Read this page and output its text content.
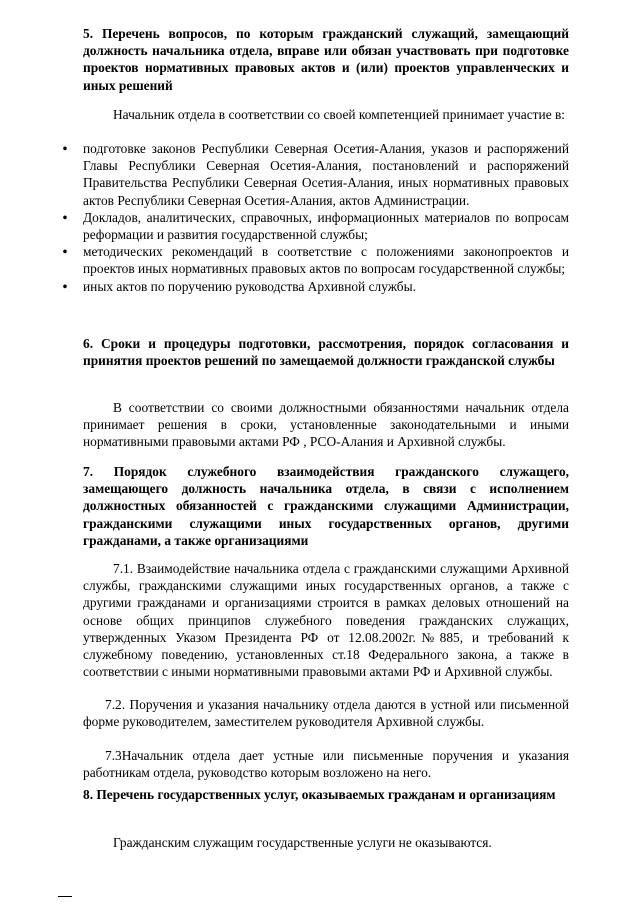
5. Перечень вопросов, по которым гражданский служащий, замещающий должность начальника отдела, вправе или обязан участвовать при подготовке проектов нормативных правовых актов и (или) проектов управленческих и иных решений
Начальник отдела в соответствии со своей компетенцией принимает участие в:
•	подготовке законов Республики Северная Осетия-Алания, указов и распоряжений Главы Республики Северная Осетия-Алания, постановлений и распоряжений Правительства Республики Северная Осетия-Алания, иных нормативных правовых актов Республики Северная Осетия-Алания, актов Администрации.
•	Докладов, аналитических, справочных, информационных материалов по вопросам реформации и развития государственной службы;
•	методических рекомендаций в соответствие с положениями законопроектов и проектов иных нормативных правовых актов по вопросам государственной службы;
•	иных актов по поручению руководства Архивной службы.
6. Сроки и процедуры подготовки, рассмотрения, порядок согласования и принятия проектов решений по замещаемой должности гражданской службы
В соответствии со своими должностными обязанностями начальник отдела принимает решения в сроки, установленные законодательными и иными нормативными правовыми актами РФ , РСО-Алания и Архивной службы.
7. Порядок служебного взаимодействия гражданского служащего, замещающего должность начальника отдела, в связи с исполнением должностных обязанностей с гражданскими служащими Администрации, гражданскими служащими иных государственных органов, другими гражданами, а также организациями
7.1. Взаимодействие начальника отдела с гражданскими служащими Архивной службы, гражданскими служащими иных государственных органов, а также с другими гражданами и организациями строится в рамках деловых отношений на основе общих принципов служебного поведения гражданских служащих, утвержденных Указом Президента РФ от 12.08.2002г.№885, и требований к служебному поведению, установленных ст.18 Федерального закона, а также в соответствии с иными нормативными правовыми актами РФ и Архивной службы.
7.2. Поручения и указания начальнику отдела даются в устной или письменной форме руководителем, заместителем руководителя Архивной службы.
7.3Начальник отдела дает устные или письменные поручения и указания работникам отдела, руководство которым возложено на него.
8. Перечень государственных услуг, оказываемых гражданам и организациям
Гражданским служащим государственные услуги не оказываются.
